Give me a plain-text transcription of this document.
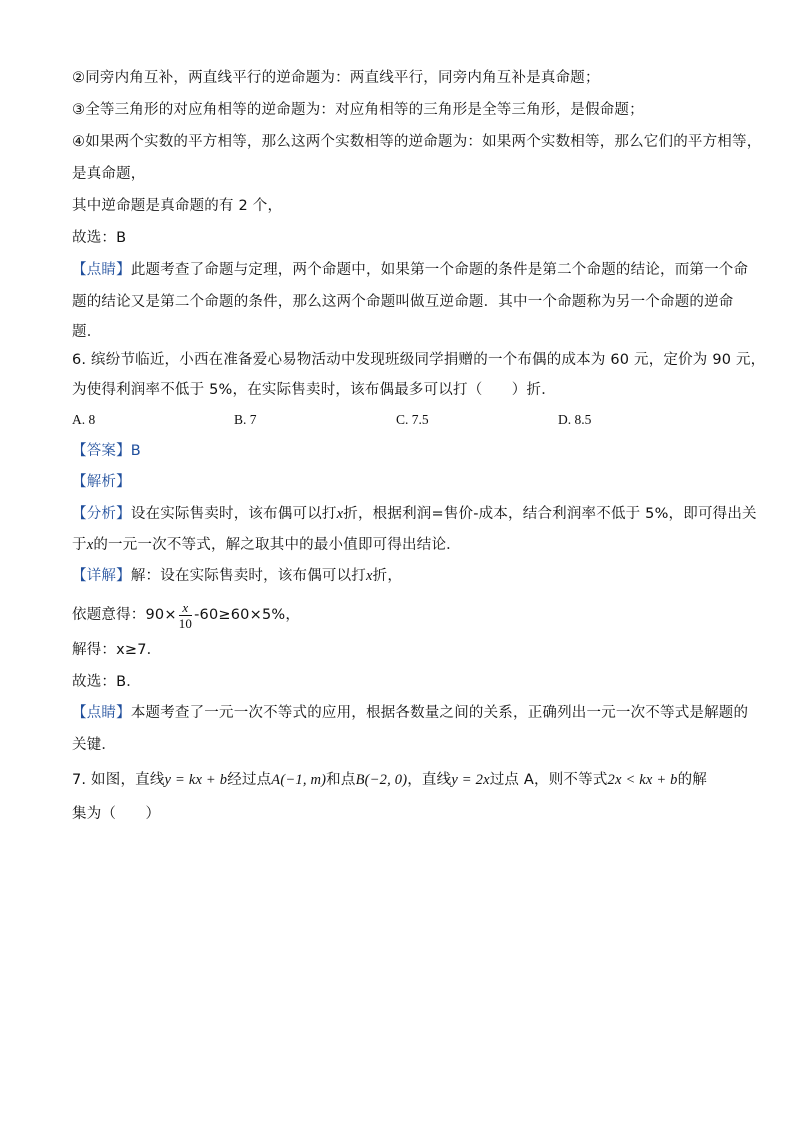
②同旁内角互补，两直线平行的逆命题为：两直线平行，同旁内角互补是真命题；
③全等三角形的对应角相等的逆命题为：对应角相等的三角形是全等三角形，是假命题；
④如果两个实数的平方相等，那么这两个实数相等的逆命题为：如果两个实数相等，那么它们的平方相等，
是真命题，
其中逆命题是真命题的有 2 个，
故选：B
【点睛】此题考查了命题与定理，两个命题中，如果第一个命题的条件是第二个命题的结论，而第一个命
题的结论又是第二个命题的条件，那么这两个命题叫做互逆命题．其中一个命题称为另一个命题的逆命
题．
6. 缤纷节临近，小西在准备爱心易物活动中发现班级同学捐赠的一个布偶的成本为 60 元，定价为 90 元，
为使得利润率不低于 5%，在实际售卖时，该布偶最多可以打（　　）折．
A. 8	B. 7	C. 7.5	D. 8.5
【答案】B
【解析】
【分析】设在实际售卖时，该布偶可以打x折，根据利润=售价-成本，结合利润率不低于 5%，即可得出关
于x的一元一次不等式，解之取其中的最小值即可得出结论．
【详解】解：设在实际售卖时，该布偶可以打x折，
依题意得：$90\times \frac{x}{10} -60\ge 60\times 5\%$，
解得：x≥7．
故选：B．
【点睛】本题考查了一元一次不等式的应用，根据各数量之间的关系，正确列出一元一次不等式是解题的
关键．
7. 如图，直线y = kx + b经过点A(−1, m)和点B(−2, 0)，直线y = 2x过点 A，则不等式2x < kx + b的解
集为（　　）
